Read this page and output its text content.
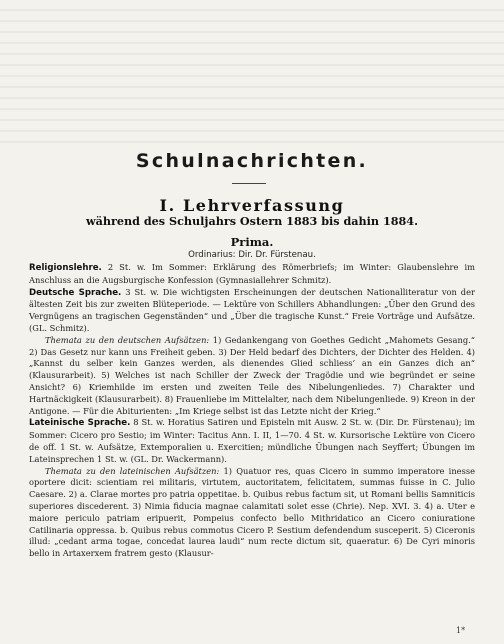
Schulnachrichten.
I. Lehrverfassung
während des Schuljahrs Ostern 1883 bis dahin 1884.
Prima.
Ordinarius: Dir. Dr. Fürstenau.

Religionslehre. 2 St. w. Im Sommer: Erklärung des Römerbriefs; im Winter: Glaubenslehre im Anschluss an die Augsburgische Konfession (Gymnasiallehrer Schmitz).

Deutsche Sprache. 3 St. w. Die wichtigsten Erscheinungen der deutschen Nationalliteratur von der ältesten Zeit bis zur zweiten Blüteperiode. — Lektüre von Schillers Abhandlungen: „Über den Grund des Vergnügens an tragischen Gegenständen“ und „Über die tragische Kunst.“ Freie Vorträge und Aufsätze. (GL. Schmitz).

Themata zu den deutschen Aufsätzen: 1) Gedankengang von Goethes Gedicht „Mahomets Gesang.“ 2) Das Gesetz nur kann uns Freiheit geben. 3) Der Held bedarf des Dichters, der Dichter des Helden. 4) „Kannst du selber kein Ganzes werden, als dienendes Glied schliess’ an ein Ganzes dich an“ (Klausurarbeit). 5) Welches ist nach Schiller der Zweck der Tragödie und wie begründet er seine Ansicht? 6) Kriemhilde im ersten und zweiten Teile des Nibelungenliedes. 7) Charakter und Hartnäckigkeit (Klausurarbeit). 8) Frauenliebe im Mittelalter, nach dem Nibelungenliede. 9) Kreon in der Antigone. — Für die Abiturienten: „Im Kriege selbst ist das Letzte nicht der Krieg.“

Lateinische Sprache. 8 St. w. Horatius Satiren und Episteln mit Ausw. 2 St. w. (Dir. Dr. Fürstenau); im Sommer: Cicero pro Sestio; im Winter: Tacitus Ann. I. II, 1—70. 4 St. w. Kursorische Lektüre von Cicero de off. 1 St. w. Aufsätze, Extemporalien u. Exercitien; mündliche Übungen nach Seyffert; Übungen im Lateinsprechen 1 St. w. (GL. Dr. Wackermann).

Themata zu den lateinischen Aufsätzen: 1) Quatuor res, quas Cicero in summo imperatore inesse oportere dicit: scientiam rei militaris, virtutem, auctoritatem, felicitatem, summas fuisse in C. Julio Caesare. 2) a. Clarae mortes pro patria oppetitae. b. Quibus rebus factum sit, ut Romani bellis Samniticis superiores discederent. 3) Nimia fiducia magnae calamitati solet esse (Chrie). Nep. XVI. 3. 4) a. Uter e maiore periculo patriam eripuerit, Pompeius confecto bello Mithridatico an Cicero coniuratione Catilinaria oppressa. b. Quibus rebus commotus Cicero P. Sestium defendendum susceperit. 5) Ciceronis illud: „cedant arma togae, concedat laurea laudi“ num recte dictum sit, quaeratur. 6) De Cyri minoris bello in Artaxerxem fratrem gesto (Klausur-

1*
